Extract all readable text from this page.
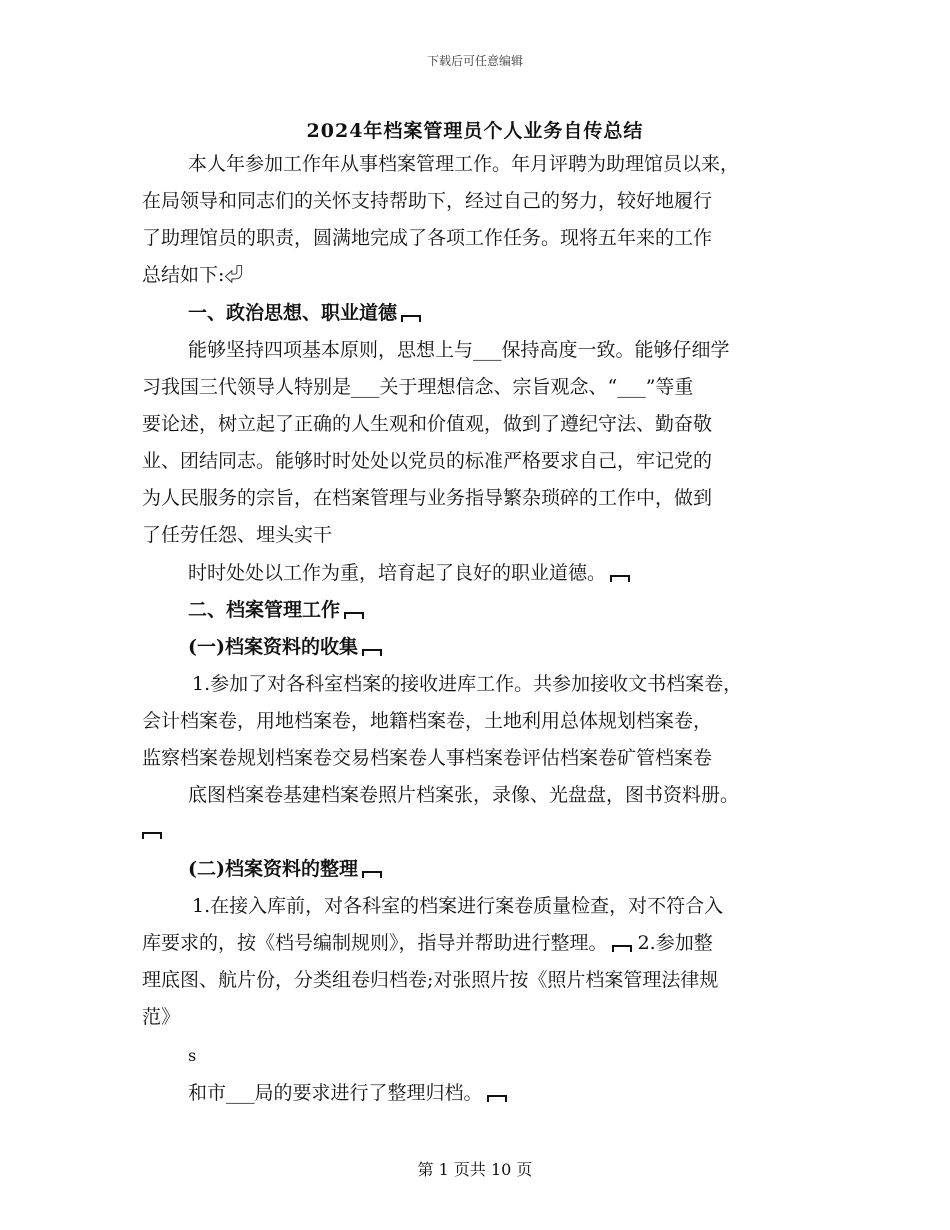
下载后可任意编辑
2024年档案管理员个人业务自传总结
本人年参加工作年从事档案管理工作。年月评聘为助理馆员以来，
在局领导和同志们的关怀支持帮助下，经过自己的努力，较好地履行
了助理馆员的职责，圆满地完成了各项工作任务。现将五年来的工作
总结如下:⏎
一、政治思想、职业道德
能够坚持四项基本原则，思想上与___保持高度一致。能够仔细学
习我国三代领导人特别是___关于理想信念、宗旨观念、“___”等重
要论述，树立起了正确的人生观和价值观，做到了遵纪守法、勤奋敬
业、团结同志。能够时时处处以党员的标准严格要求自己，牢记党的
为人民服务的宗旨，在档案管理与业务指导繁杂琐碎的工作中，做到
了任劳任怨、埋头实干
时时处处以工作为重，培育起了良好的职业道德。
二、档案管理工作
(一)档案资料的收集
1.参加了对各科室档案的接收进库工作。共参加接收文书档案卷，
会计档案卷，用地档案卷，地籍档案卷，土地利用总体规划档案卷，
监察档案卷规划档案卷交易档案卷人事档案卷评估档案卷矿管档案卷
底图档案卷基建档案卷照片档案张，录像、光盘盘，图书资料册。
(二)档案资料的整理
1.在接入库前，对各科室的档案进行案卷质量检查，对不符合入
库要求的，按《档号编制规则》，指导并帮助进行整理。 2.参加整
理底图、航片份，分类组卷归档卷;对张照片按《照片档案管理法律规
范》
s
和市___局的要求进行了整理归档。
第 1 页共 10 页
